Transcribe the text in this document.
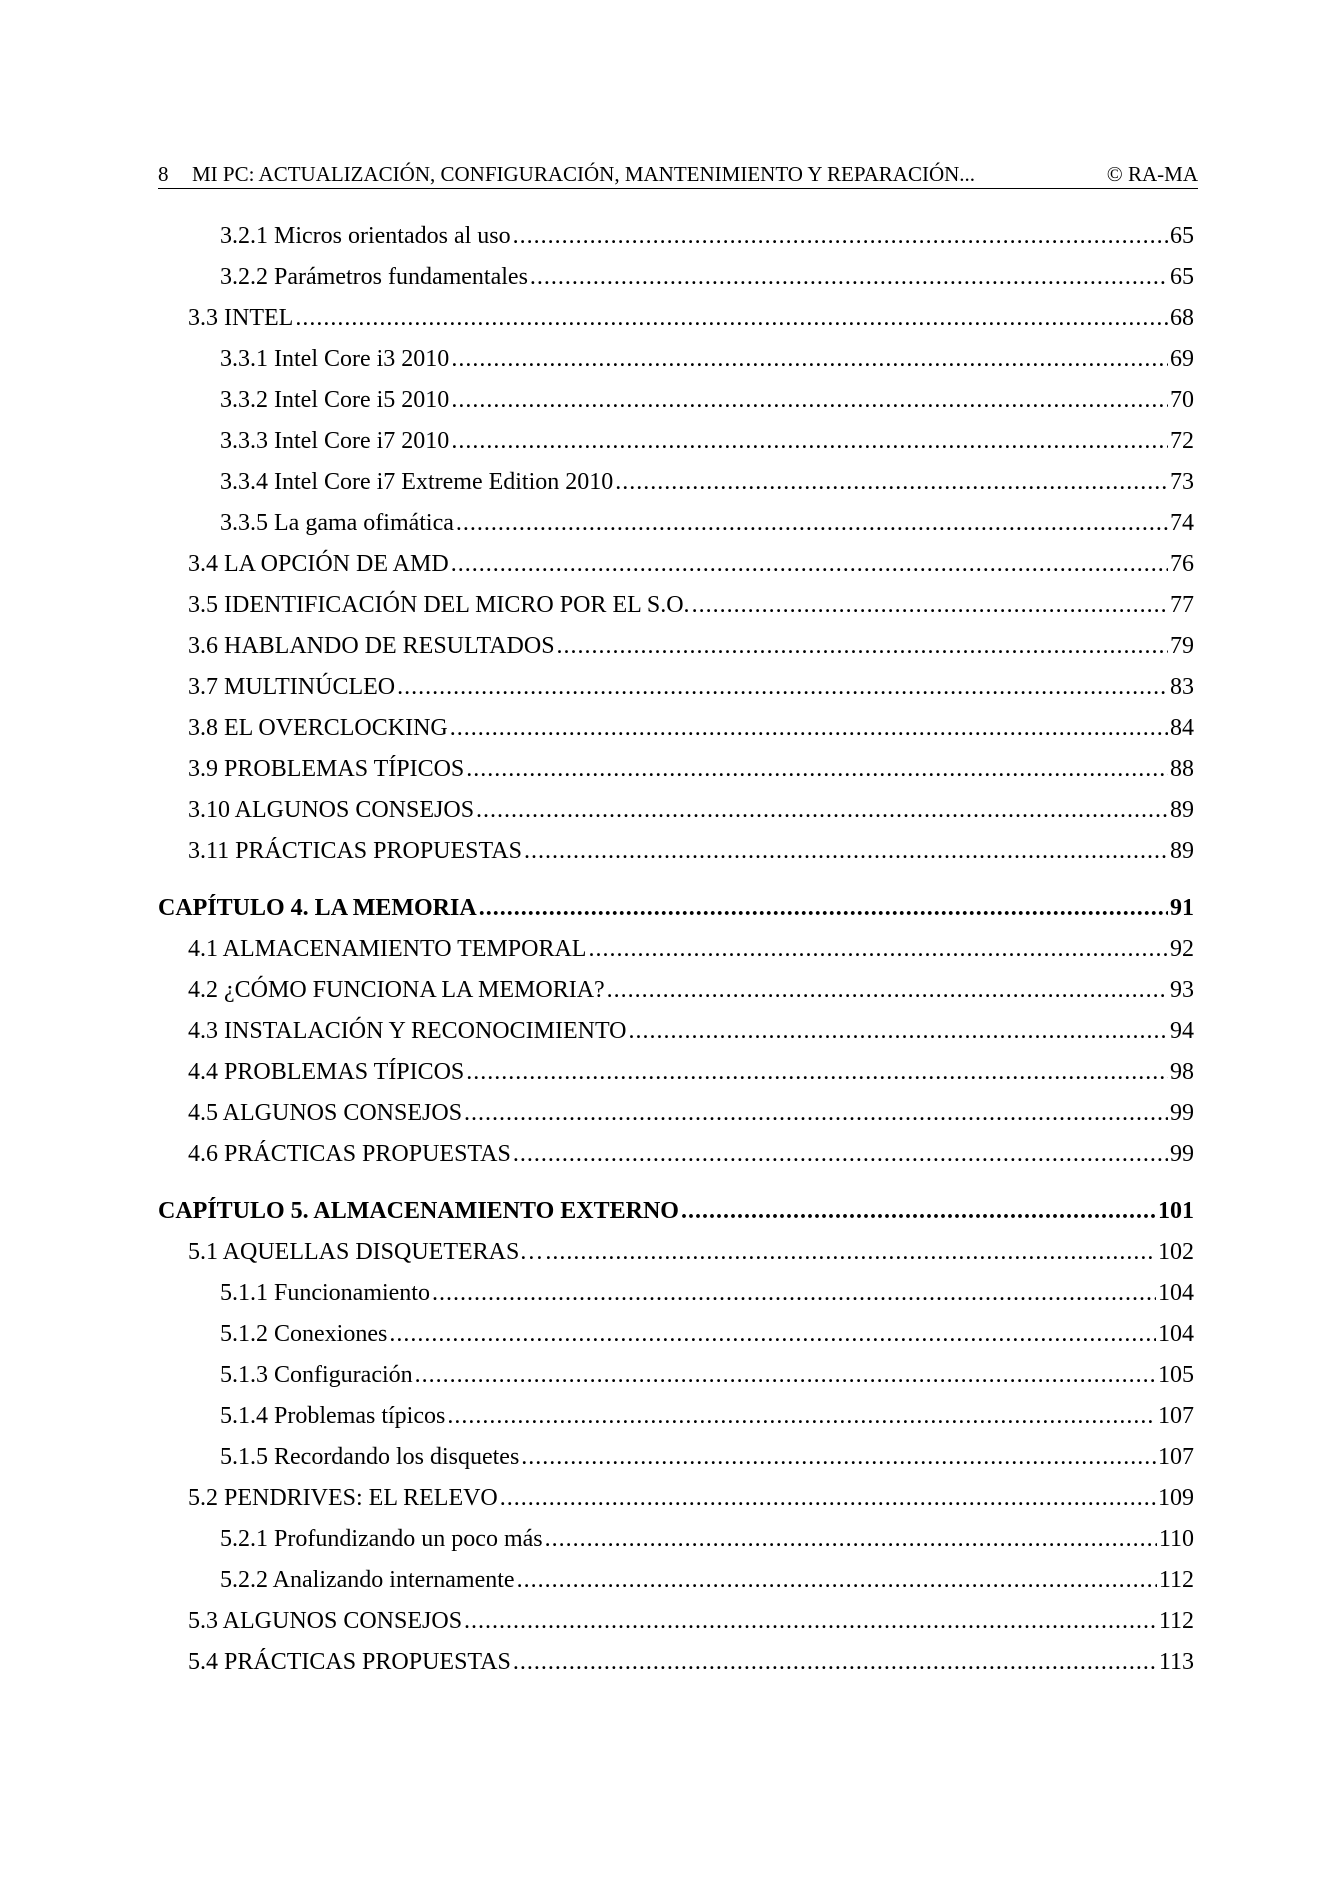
8 MI PC: ACTUALIZACIÓN, CONFIGURACIÓN, MANTENIMIENTO Y REPARACIÓN...	© RA-MA
3.2.1 Micros orientados al uso .....	65
3.2.2 Parámetros fundamentales .....	65
3.3 INTEL .....	68
3.3.1 Intel Core i3 2010 .....	69
3.3.2 Intel Core i5 2010 .....	70
3.3.3 Intel Core i7 2010 .....	72
3.3.4 Intel Core i7 Extreme Edition 2010 .....	73
3.3.5 La gama ofimática .....	74
3.4 LA OPCIÓN DE AMD .....	76
3.5 IDENTIFICACIÓN DEL MICRO POR EL S.O. .....	77
3.6 HABLANDO DE RESULTADOS .....	79
3.7 MULTINÚCLEO .....	83
3.8 EL OVERCLOCKING .....	84
3.9 PROBLEMAS TÍPICOS .....	88
3.10 ALGUNOS CONSEJOS .....	89
3.11 PRÁCTICAS PROPUESTAS .....	89
CAPÍTULO 4. LA MEMORIA .....	91
4.1 ALMACENAMIENTO TEMPORAL .....	92
4.2 ¿CÓMO FUNCIONA LA MEMORIA? .....	93
4.3 INSTALACIÓN Y RECONOCIMIENTO .....	94
4.4 PROBLEMAS TÍPICOS .....	98
4.5 ALGUNOS CONSEJOS .....	99
4.6 PRÁCTICAS PROPUESTAS .....	99
CAPÍTULO 5. ALMACENAMIENTO EXTERNO .....	101
5.1 AQUELLAS DISQUETERAS… .....	102
5.1.1 Funcionamiento .....	104
5.1.2 Conexiones .....	104
5.1.3 Configuración .....	105
5.1.4 Problemas típicos .....	107
5.1.5 Recordando los disquetes .....	107
5.2 PENDRIVES: EL RELEVO .....	109
5.2.1 Profundizando un poco más .....	110
5.2.2 Analizando internamente .....	112
5.3 ALGUNOS CONSEJOS .....	112
5.4 PRÁCTICAS PROPUESTAS .....	113
